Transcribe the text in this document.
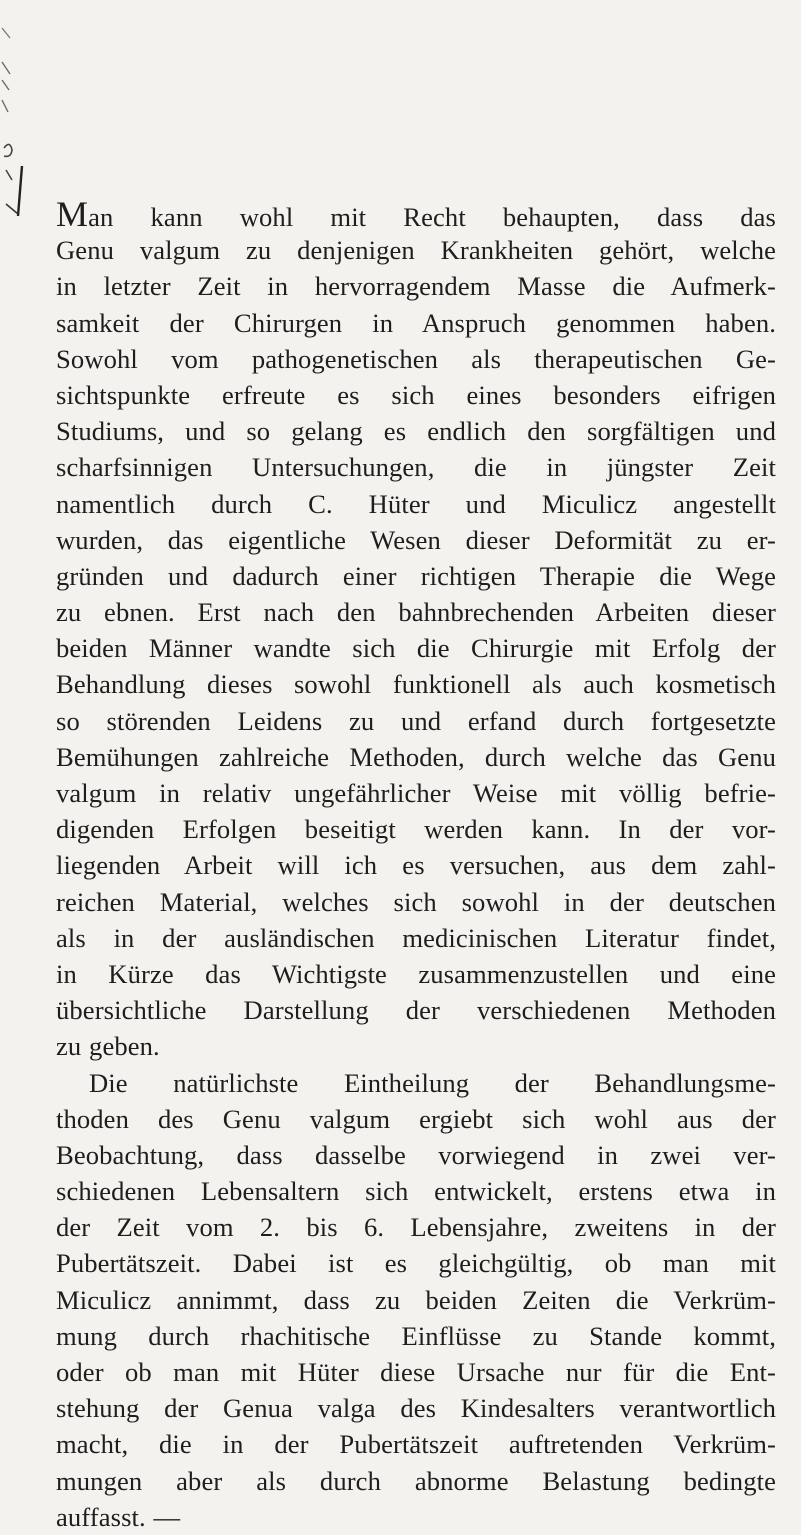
Man kann wohl mit Recht behaupten, dass das
Genu valgum zu denjenigen Krankheiten gehört, welche
in letzter Zeit in hervorragendem Masse die Aufmerk-
samkeit der Chirurgen in Anspruch genommen haben.
Sowohl vom pathogenetischen als therapeutischen Ge-
sichtspunkte erfreute es sich eines besonders eifrigen
Studiums, und so gelang es endlich den sorgfältigen und
scharfsinnigen Untersuchungen, die in jüngster Zeit
namentlich durch C. Hüter und Miculicz angestellt
wurden, das eigentliche Wesen dieser Deformität zu er-
gründen und dadurch einer richtigen Therapie die Wege
zu ebnen. Erst nach den bahnbrechenden Arbeiten dieser
beiden Männer wandte sich die Chirurgie mit Erfolg der
Behandlung dieses sowohl funktionell als auch kosmetisch
so störenden Leidens zu und erfand durch fortgesetzte
Bemühungen zahlreiche Methoden, durch welche das Genu
valgum in relativ ungefährlicher Weise mit völlig befrie-
digenden Erfolgen beseitigt werden kann. In der vor-
liegenden Arbeit will ich es versuchen, aus dem zahl-
reichen Material, welches sich sowohl in der deutschen
als in der ausländischen medicinischen Literatur findet,
in Kürze das Wichtigste zusammenzustellen und eine
übersichtliche Darstellung der verschiedenen Methoden
zu geben.
Die natürlichste Eintheilung der Behandlungsme-
thoden des Genu valgum ergiebt sich wohl aus der
Beobachtung, dass dasselbe vorwiegend in zwei ver-
schiedenen Lebensaltern sich entwickelt, erstens etwa in
der Zeit vom 2. bis 6. Lebensjahre, zweitens in der
Pubertätszeit. Dabei ist es gleichgültig, ob man mit
Miculicz annimmt, dass zu beiden Zeiten die Verkrüm-
mung durch rhachitische Einflüsse zu Stande kommt,
oder ob man mit Hüter diese Ursache nur für die Ent-
stehung der Genua valga des Kindesalters verantwortlich
macht, die in der Pubertätszeit auftretenden Verkrüm-
mungen aber als durch abnorme Belastung bedingte
auffasst. —
